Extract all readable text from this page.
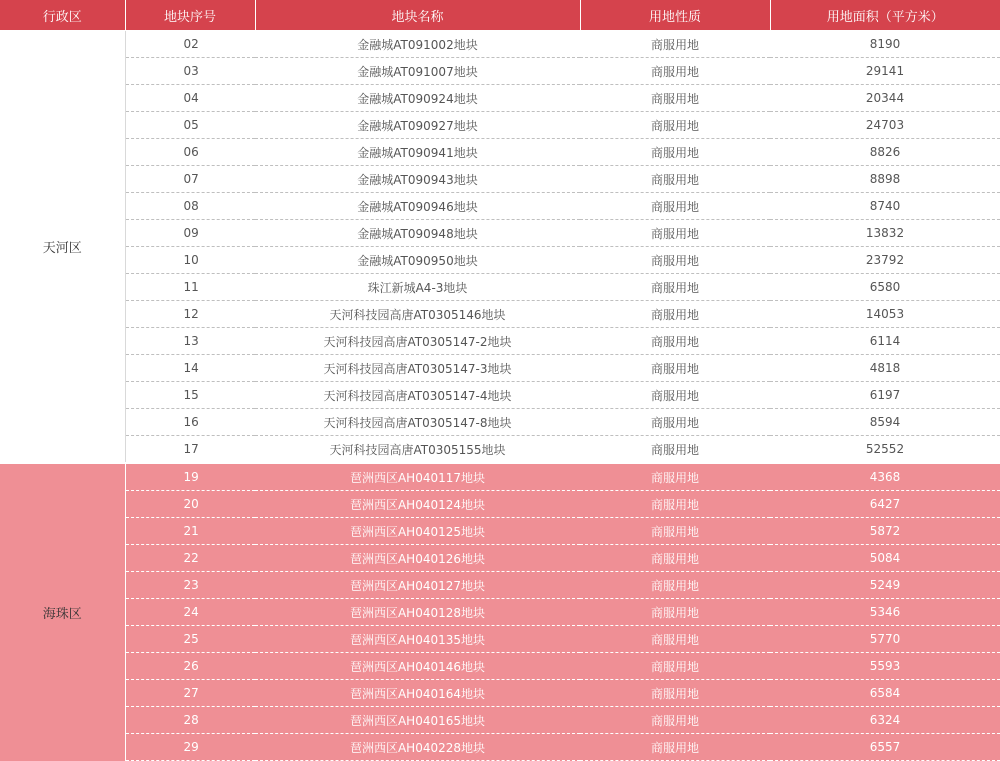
行政区	地块序号	地块名称	用地性质	用地面积（平方米）
天河区	02	金融城AT091002地块	商服用地	8190
	03	金融城AT091007地块	商服用地	29141
	04	金融城AT090924地块	商服用地	20344
	05	金融城AT090927地块	商服用地	24703
	06	金融城AT090941地块	商服用地	8826
	07	金融城AT090943地块	商服用地	8898
	08	金融城AT090946地块	商服用地	8740
	09	金融城AT090948地块	商服用地	13832
	10	金融城AT090950地块	商服用地	23792
	11	珠江新城A4-3地块	商服用地	6580
	12	天河科技园高唐AT0305146地块	商服用地	14053
	13	天河科技园高唐AT0305147-2地块	商服用地	6114
	14	天河科技园高唐AT0305147-3地块	商服用地	4818
	15	天河科技园高唐AT0305147-4地块	商服用地	6197
	16	天河科技园高唐AT0305147-8地块	商服用地	8594
	17	天河科技园高唐AT0305155地块	商服用地	52552
海珠区	19	琶洲西区AH040117地块	商服用地	4368
	20	琶洲西区AH040124地块	商服用地	6427
	21	琶洲西区AH040125地块	商服用地	5872
	22	琶洲西区AH040126地块	商服用地	5084
	23	琶洲西区AH040127地块	商服用地	5249
	24	琶洲西区AH040128地块	商服用地	5346
	25	琶洲西区AH040135地块	商服用地	5770
	26	琶洲西区AH040146地块	商服用地	5593
	27	琶洲西区AH040164地块	商服用地	6584
	28	琶洲西区AH040165地块	商服用地	6324
	29	琶洲西区AH040228地块	商服用地	6557
